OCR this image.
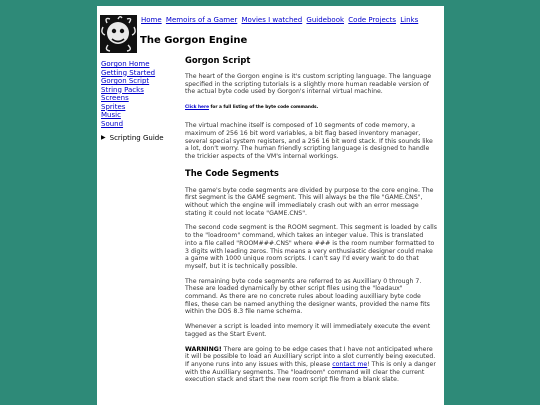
Home Memoirs of a Gamer Movies I watched Guidebook Code Projects Links
The Gorgon Engine
Gorgon Home
Getting Started
Gorgon Script
String Packs
Screens
Sprites
Music
Sound
▶ Scripting Guide
Gorgon Script

The heart of the Gorgon engine is it's custom scripting language. The language specified in the scripting tutorials is a slightly more human readable version of the actual byte code used by Gorgon's internal virtual machine.

Click here for a full listing of the byte code commands.

The virtual machine itself is composed of 10 segments of code memory, a maximum of 256 16 bit word variables, a bit flag based inventory manager, several special system registers, and a 256 16 bit word stack. If this sounds like a lot, don't worry. The human friendly scripting language is designed to handle the trickier aspects of the VM's internal workings.

The Code Segments

The game's byte code segments are divided by purpose to the core engine. The first segment is the GAME segment. This will always be the file "GAME.CNS", without which the engine will immediately crash out with an error message stating it could not locate "GAME.CNS".

The second code segment is the ROOM segment. This segment is loaded by calls to the "loadroom" command, which takes an integer value. This is translated into a file called "ROOM###.CNS" where ### is the room number formatted to 3 digits with leading zeros. This means a very enthusiastic designer could make a game with 1000 unique room scripts. I can't say I'd every want to do that myself, but it is technically possible.

The remaining byte code segments are referred to as Auxilliary 0 through 7. These are loaded dynamically by other script files using the "loadaux" command. As there are no concrete rules about loading auxilliary byte code files, these can be named anything the designer wants, provided the name fits within the DOS 8.3 file name schema.

Whenever a script is loaded into memory it will immediately execute the event tagged as the Start Event.

WARNING! There are going to be edge cases that I have not anticipated where it will be possible to load an Auxilliary script into a slot currently being executed. If anyone runs into any issues with this, please contact me! This is only a danger with the Auxilliary segments. The "loadroom" command will clear the current execution stack and start the new room script file from a blank slate.
